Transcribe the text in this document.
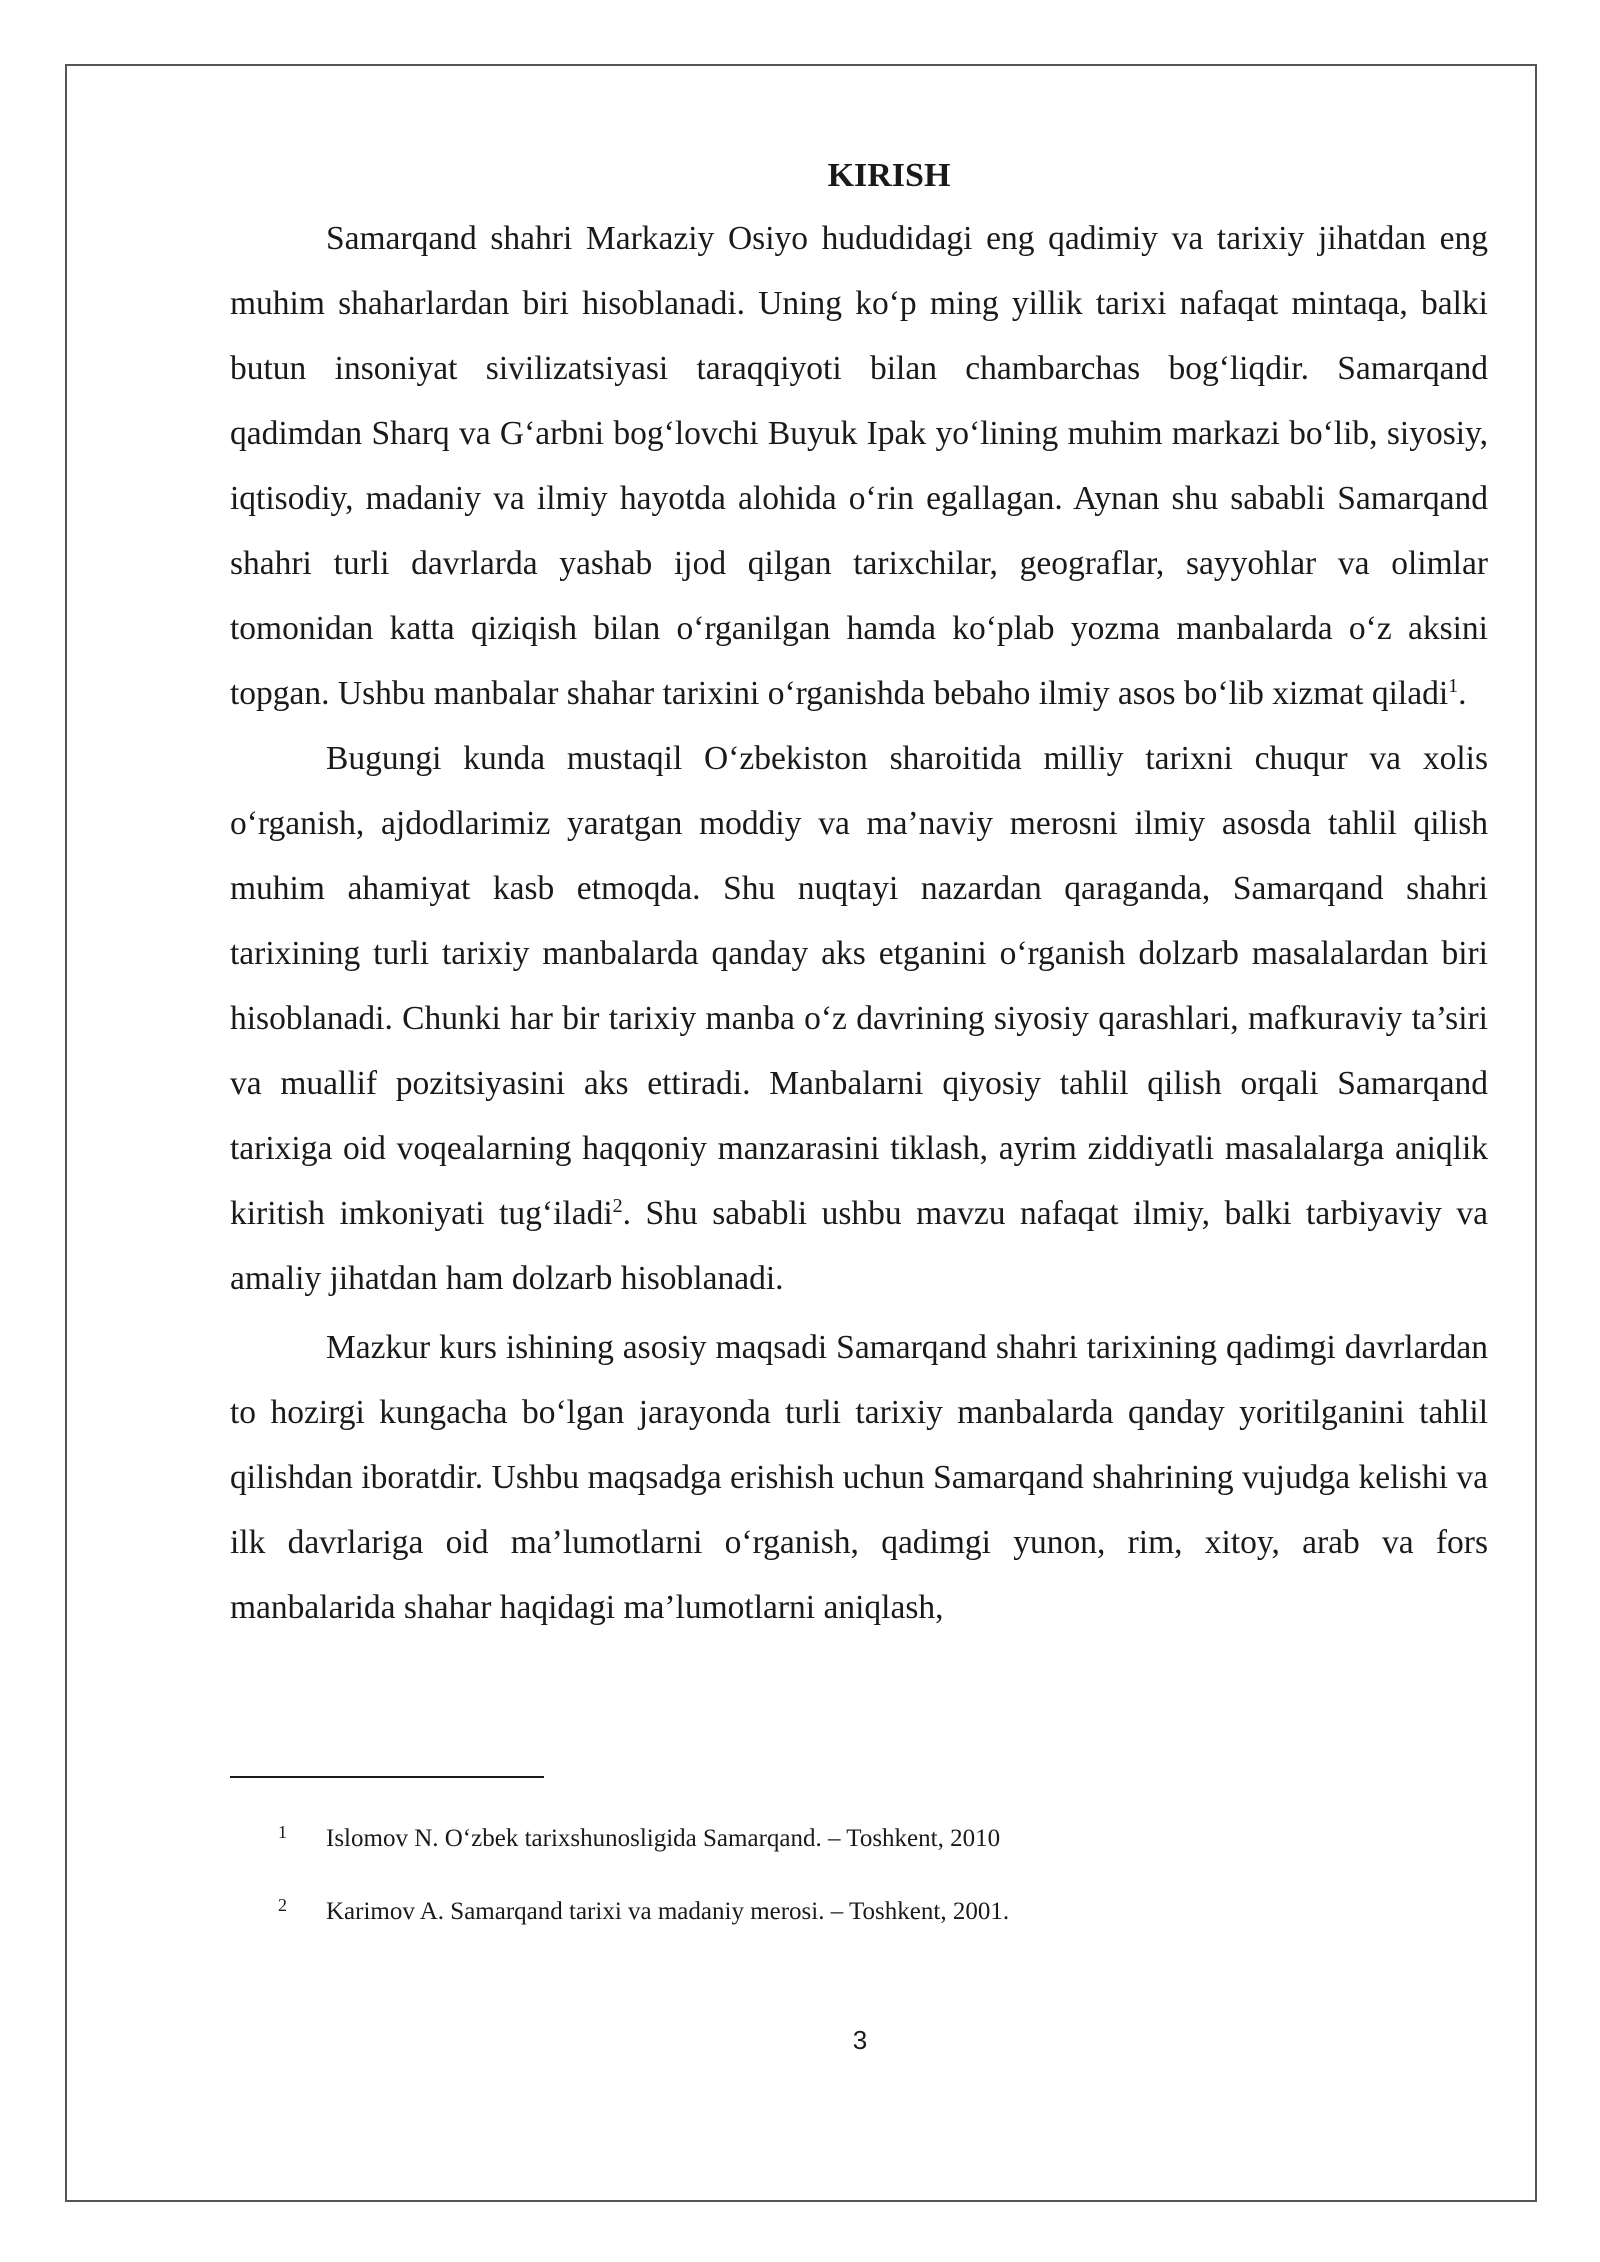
KIRISH

Samarqand shahri Markaziy Osiyo hududidagi eng qadimiy va tarixiy jihatdan eng muhim shaharlardan biri hisoblanadi. Uning ko‘p ming yillik tarixi nafaqat mintaqa, balki butun insoniyat sivilizatsiyasi taraqqiyoti bilan chambarchas bog‘liqdir. Samarqand qadimdan Sharq va G‘arbni bog‘lovchi Buyuk Ipak yo‘lining muhim markazi bo‘lib, siyosiy, iqtisodiy, madaniy va ilmiy hayotda alohida o‘rin egallagan. Aynan shu sababli Samarqand shahri turli davrlarda yashab ijod qilgan tarixchilar, geograflar, sayyohlar va olimlar tomonidan katta qiziqish bilan o‘rganilgan hamda ko‘plab yozma manbalarda o‘z aksini topgan. Ushbu manbalar shahar tarixini o‘rganishda bebaho ilmiy asos bo‘lib xizmat qiladi$^1$.

Bugungi kunda mustaqil O‘zbekiston sharoitida milliy tarixni chuqur va xolis o‘rganish, ajdodlarimiz yaratgan moddiy va ma’naviy merosni ilmiy asosda tahlil qilish muhim ahamiyat kasb etmoqda. Shu nuqtayi nazardan qaraganda, Samarqand shahri tarixining turli tarixiy manbalarda qanday aks etganini o‘rganish dolzarb masalalardan biri hisoblanadi. Chunki har bir tarixiy manba o‘z davrining siyosiy qarashlari, mafkuraviy ta’siri va muallif pozitsiyasini aks ettiradi. Manbalarni qiyosiy tahlil qilish orqali Samarqand tarixiga oid voqealarning haqqoniy manzarasini tiklash, ayrim ziddiyatli masalalarga aniqlik kiritish imkoniyati tug‘iladi$^2$. Shu sababli ushbu mavzu nafaqat ilmiy, balki tarbiyaviy va amaliy jihatdan ham dolzarb hisoblanadi.

Mazkur kurs ishining asosiy maqsadi Samarqand shahri tarixining qadimgi davrlardan to hozirgi kungacha bo‘lgan jarayonda turli tarixiy manbalarda qanday yoritilganini tahlil qilishdan iboratdir. Ushbu maqsadga erishish uchun Samarqand shahrining vujudga kelishi va ilk davrlariga oid ma’lumotlarni o‘rganish, qadimgi yunon, rim, xitoy, arab va fors manbalarida shahar haqidagi ma’lumotlarni aniqlash,

1 Islomov N. O‘zbek tarixshunosligida Samarqand. – Toshkent, 2010
2 Karimov A. Samarqand tarixi va madaniy merosi. – Toshkent, 2001.
3
